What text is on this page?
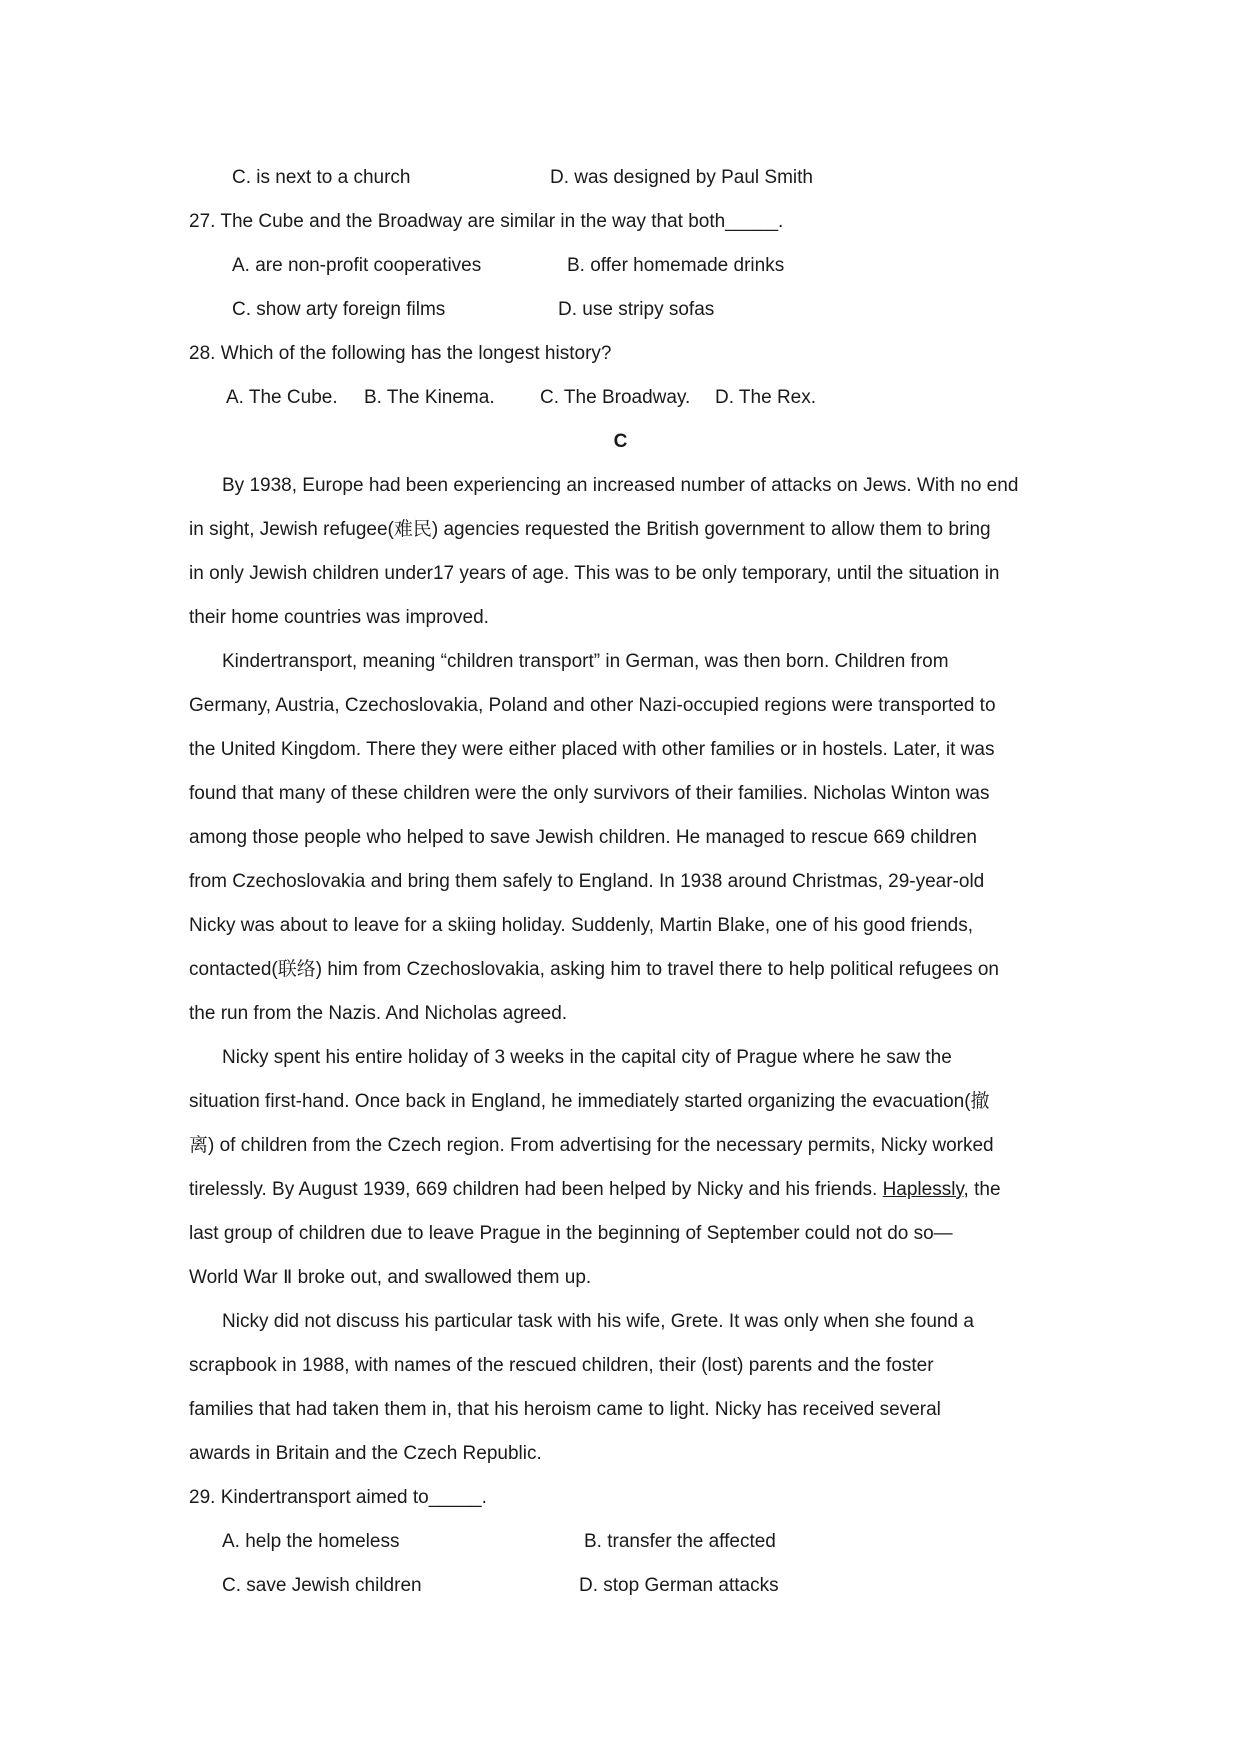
C. is next to a church	D. was designed by Paul Smith
27. The Cube and the Broadway are similar in the way that both_____.
A. are non-profit cooperatives	B. offer homemade drinks
C. show arty foreign films	D. use stripy sofas
28. Which of the following has the longest history?
A. The Cube. B. The Kinema. C. The Broadway. D. The Rex.
C
By 1938, Europe had been experiencing an increased number of attacks on Jews. With no end
in sight, Jewish refugee(难民) agencies requested the British government to allow them to bring
in only Jewish children under17 years of age. This was to be only temporary, until the situation in
their home countries was improved.
Kindertransport, meaning “children transport” in German, was then born. Children from
Germany, Austria, Czechoslovakia, Poland and other Nazi-occupied regions were transported to
the United Kingdom. There they were either placed with other families or in hostels. Later, it was
found that many of these children were the only survivors of their families. Nicholas Winton was
among those people who helped to save Jewish children. He managed to rescue 669 children
from Czechoslovakia and bring them safely to England. In 1938 around Christmas, 29-year-old
Nicky was about to leave for a skiing holiday. Suddenly, Martin Blake, one of his good friends,
contacted(联络) him from Czechoslovakia, asking him to travel there to help political refugees on
the run from the Nazis. And Nicholas agreed.
Nicky spent his entire holiday of 3 weeks in the capital city of Prague where he saw the
situation first-hand. Once back in England, he immediately started organizing the evacuation(撤
离) of children from the Czech region. From advertising for the necessary permits, Nicky worked
tirelessly. By August 1939, 669 children had been helped by Nicky and his friends. Haplessly, the
last group of children due to leave Prague in the beginning of September could not do so—
World War Ⅱ broke out, and swallowed them up.
Nicky did not discuss his particular task with his wife, Grete. It was only when she found a
scrapbook in 1988, with names of the rescued children, their (lost) parents and the foster
families that had taken them in, that his heroism came to light. Nicky has received several
awards in Britain and the Czech Republic.
29. Kindertransport aimed to_____.
A. help the homeless	B. transfer the affected
C. save Jewish children	D. stop German attacks
